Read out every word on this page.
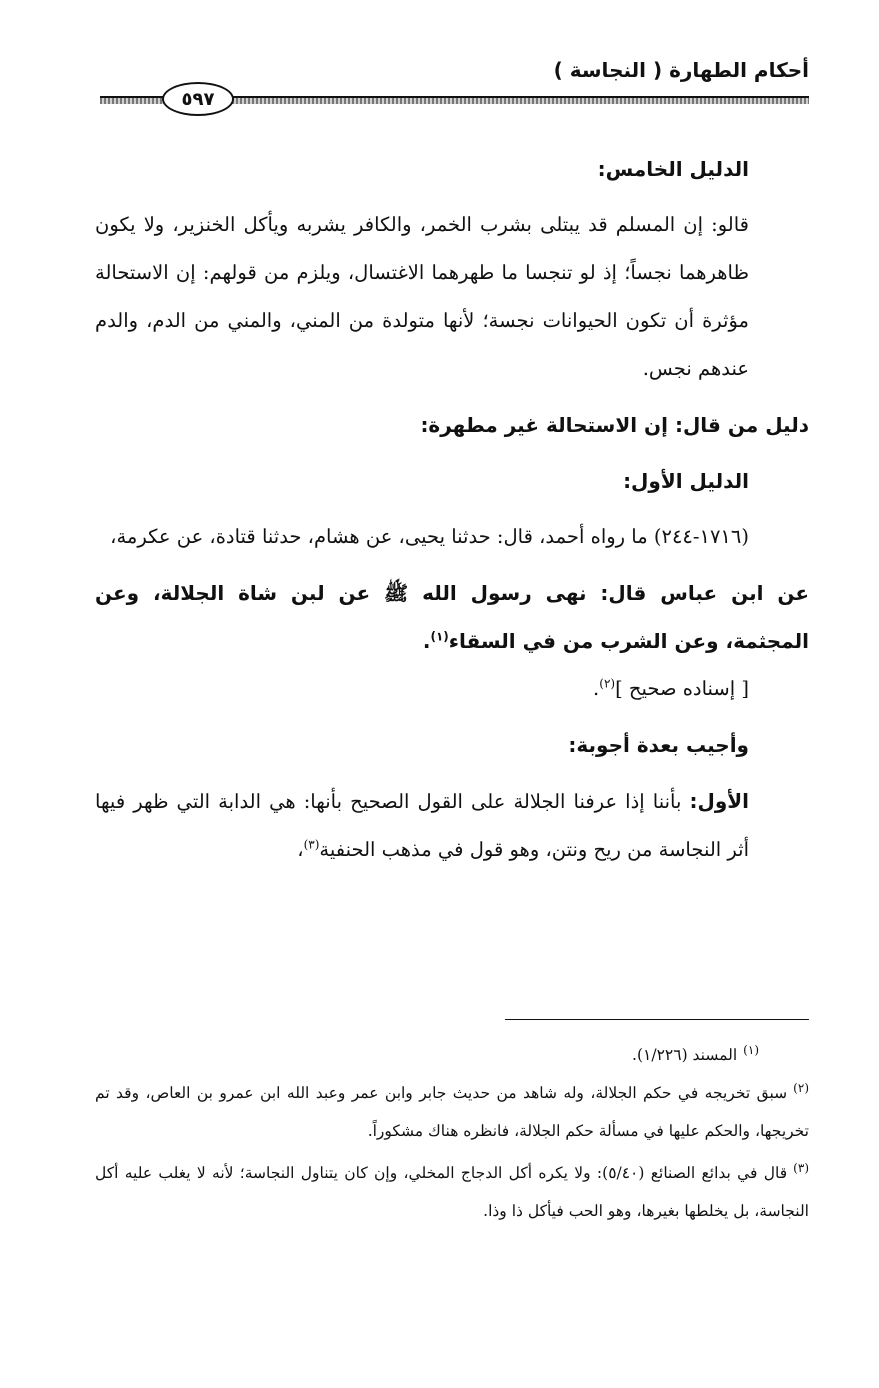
أحكام الطهارة ( النجاسة )
٥٩٧

الدليل الخامس:

قالو: إن المسلم قد يبتلى بشرب الخمر، والكافر يشربه ويأكل الخنزير، ولا يكون ظاهرهما نجساً؛ إذ لو تنجسا ما طهرهما الاغتسال، ويلزم من قولهم: إن الاستحالة مؤثرة أن تكون الحيوانات نجسة؛ لأنها متولدة من المني، والمني من الدم، والدم عندهم نجس.

دليل من قال: إن الاستحالة غير مطهرة:

الدليل الأول:

(١٧١٦-٢٤٤) ما رواه أحمد، قال: حدثنا يحيى، عن هشام، حدثنا قتادة، عن عكرمة،

عن ابن عباس قال: نهى رسول الله ﷺ عن لبن شاة الجلالة، وعن المجثمة، وعن الشرب من في السقاء$^{(١)}$.

[ إسناده صحيح ]$^{(٢)}$.

وأجيب بعدة أجوبة:

الأول: بأننا إذا عرفنا الجلالة على القول الصحيح بأنها: هي الدابة التي ظهر فيها أثر النجاسة من ريح ونتن، وهو قول في مذهب الحنفية$^{(٣)}$،

$^{(١)}$المسند (١/٢٢٦).

$^{(٢)}$سبق تخريجه في حكم الجلالة، وله شاهد من حديث جابر وابن عمر وعبد الله ابن عمرو بن العاص، وقد تم تخريجها، والحكم عليها في مسألة حكم الجلالة، فانظره هناك مشكوراً.

$^{(٣)}$قال في بدائع الصنائع (٥/٤٠): ولا يكره أكل الدجاج المخلي، وإن كان يتناول النجاسة؛ لأنه لا يغلب عليه أكل النجاسة، بل يخلطها بغيرها، وهو الحب فيأكل ذا وذا.
